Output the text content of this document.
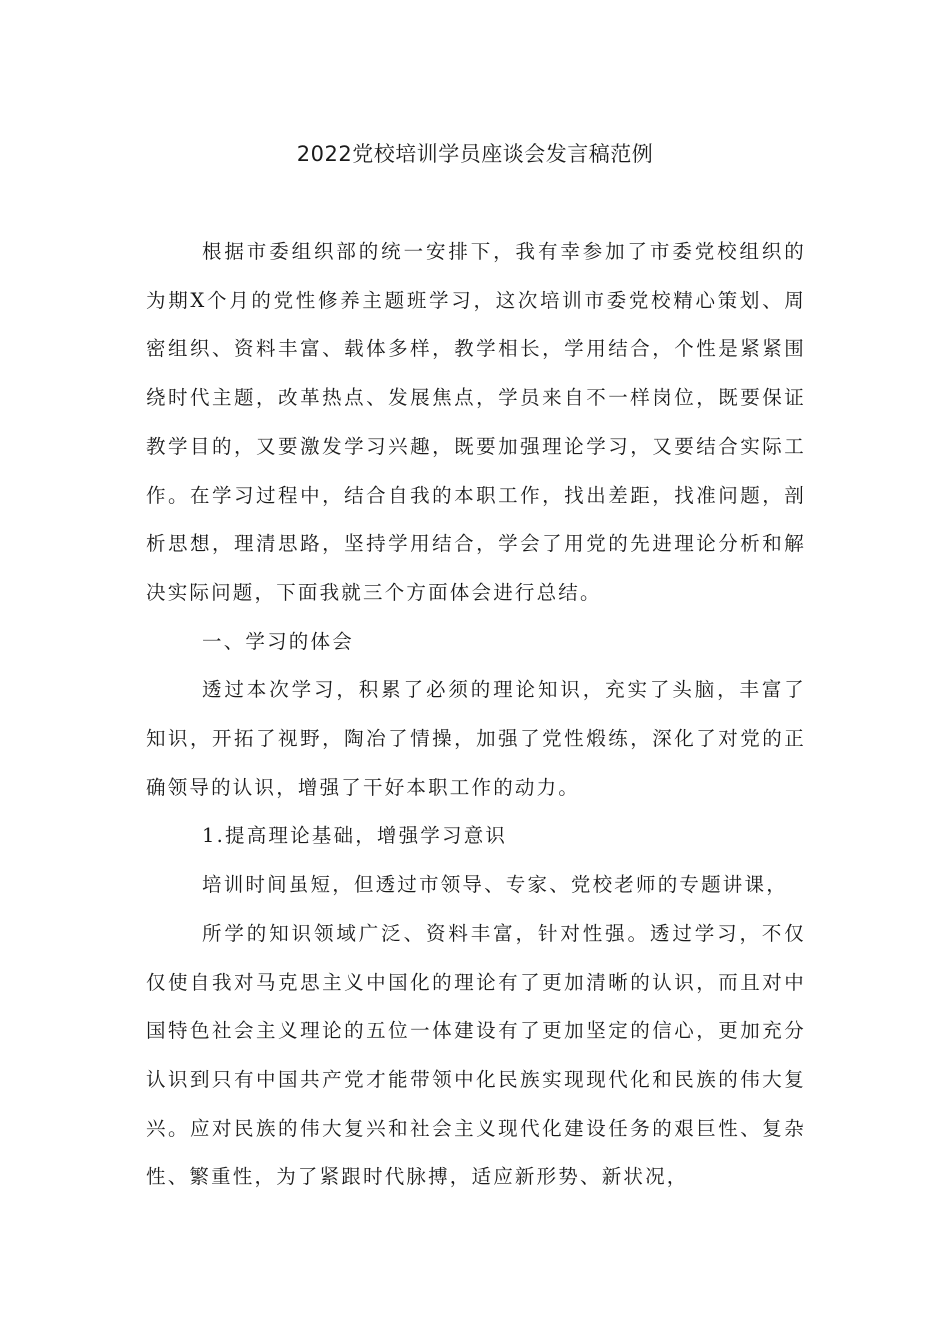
2022党校培训学员座谈会发言稿范例

根据市委组织部的统一安排下，我有幸参加了市委党校组织的为期X个月的党性修养主题班学习，这次培训市委党校精心策划、周密组织、资料丰富、载体多样，教学相长，学用结合，个性是紧紧围绕时代主题，改革热点、发展焦点，学员来自不一样岗位，既要保证教学目的，又要激发学习兴趣，既要加强理论学习，又要结合实际工作。在学习过程中，结合自我的本职工作，找出差距，找准问题，剖析思想，理清思路，坚持学用结合，学会了用党的先进理论分析和解决实际问题，下面我就三个方面体会进行总结。

一、学习的体会

透过本次学习，积累了必须的理论知识，充实了头脑，丰富了知识，开拓了视野，陶冶了情操，加强了党性煅练，深化了对党的正确领导的认识，增强了干好本职工作的动力。

1.提高理论基础，增强学习意识

培训时间虽短，但透过市领导、专家、党校老师的专题讲课，

所学的知识领域广泛、资料丰富，针对性强。透过学习，不仅仅使自我对马克思主义中国化的理论有了更加清晰的认识，而且对中国特色社会主义理论的五位一体建设有了更加坚定的信心，更加充分认识到只有中国共产党才能带领中化民族实现现代化和民族的伟大复兴。应对民族的伟大复兴和社会主义现代化建设任务的艰巨性、复杂性、繁重性，为了紧跟时代脉搏，适应新形势、新状况，
